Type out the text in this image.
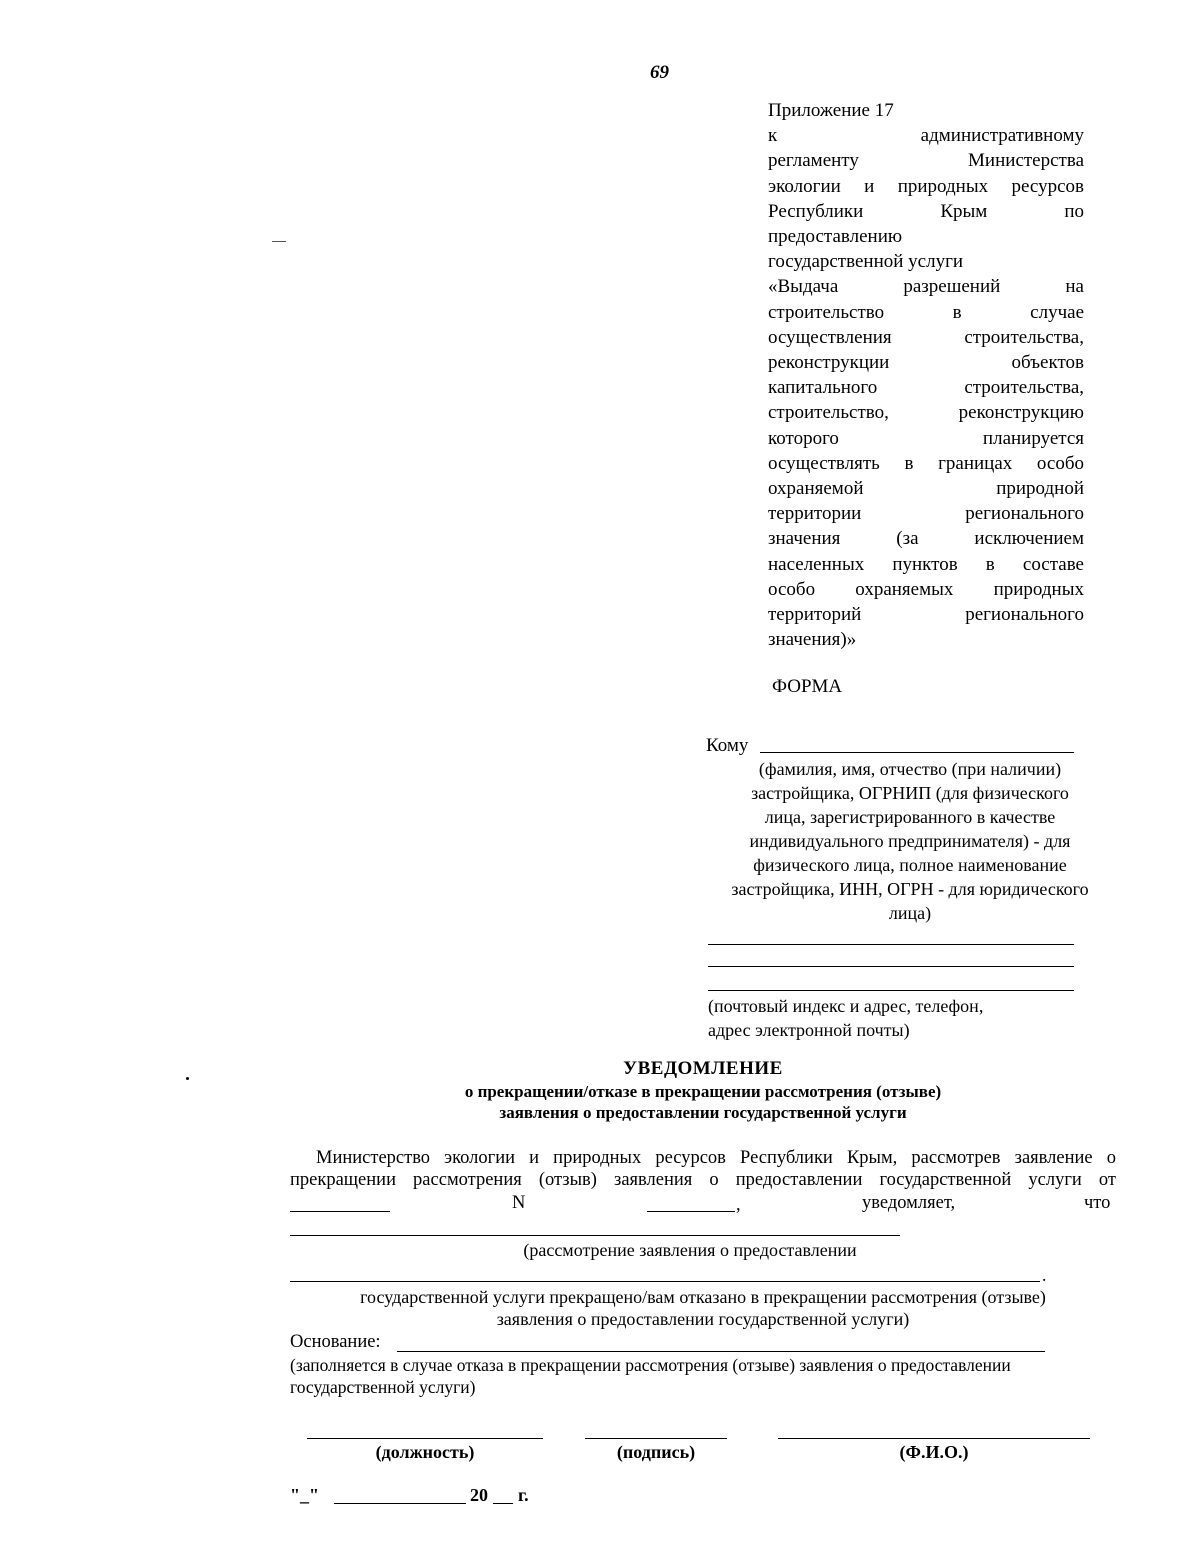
69
Приложение 17
к административному
регламенту Министерства
экологии и природных ресурсов
Республики Крым по
предоставлению
государственной услуги
«Выдача разрешений на
строительство в случае
осуществления строительства,
реконструкции объектов
капитального строительства,
строительство, реконструкцию
которого планируется
осуществлять в границах особо
охраняемой природной
территории регионального
значения (за исключением
населенных пунктов в составе
особо охраняемых природных
территорий регионального
значения)»
ФОРМА
Кому
(фамилия, имя, отчество (при наличии)
застройщика, ОГРНИП (для физического
лица, зарегистрированного в качестве
индивидуального предпринимателя) - для
физического лица, полное наименование
застройщика, ИНН, ОГРН - для юридического
лица)
(почтовый индекс и адрес, телефон,
адрес электронной почты)
УВЕДОМЛЕНИЕ
о прекращении/отказе в прекращении рассмотрения (отзыве)
заявления о предоставлении государственной услуги
Министерство экологии и природных ресурсов Республики Крым, рассмотрев заявление о
прекращении рассмотрения (отзыв) заявления о предоставлении государственной услуги от
N	,	уведомляет,	что
(рассмотрение заявления о предоставлении
.
государственной услуги прекращено/вам отказано в прекращении рассмотрения (отзыве)
заявления о предоставлении государственной услуги)
Основание:
(заполняется в случае отказа в прекращении рассмотрения (отзыве) заявления о предоставлении
государственной услуги)
(должность)	(подпись)	(Ф.И.О.)
"_"	20 г.
